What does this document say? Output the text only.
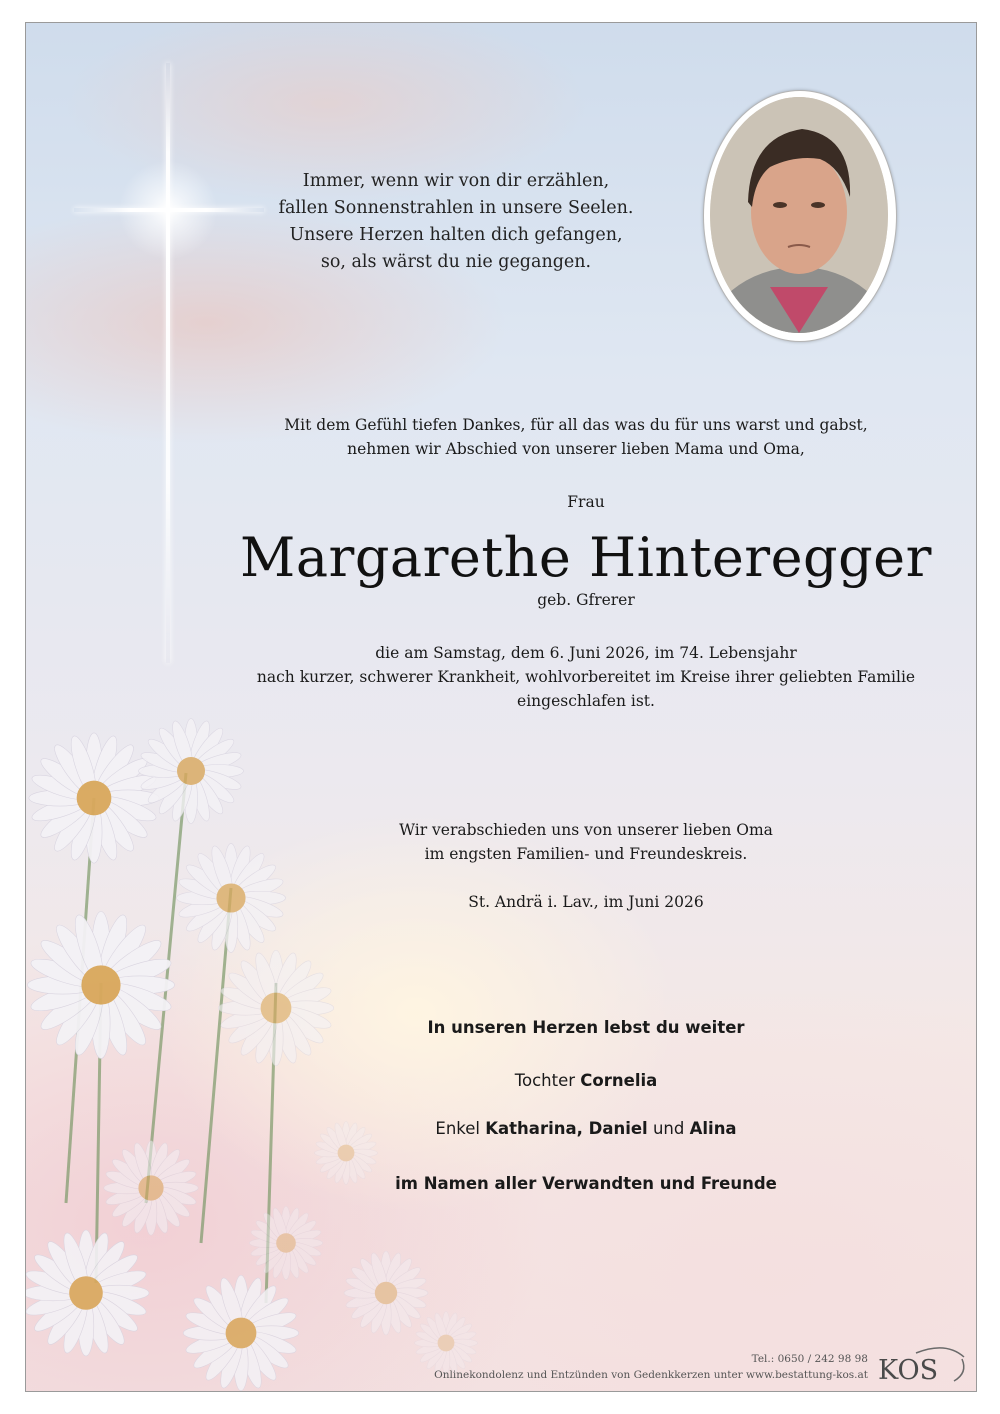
Immer, wenn wir von dir erzählen,
fallen Sonnenstrahlen in unsere Seelen.
Unsere Herzen halten dich gefangen,
so, als wärst du nie gegangen.
Mit dem Gefühl tiefen Dankes, für all das was du für uns warst und gabst,
nehmen wir Abschied von unserer lieben Mama und Oma,
Frau
Margarethe Hinteregger
geb. Gfrerer
die am Samstag, dem 6. Juni 2026, im 74. Lebensjahr
nach kurzer, schwerer Krankheit, wohlvorbereitet im Kreise ihrer geliebten Familie
eingeschlafen ist.
Wir verabschieden uns von unserer lieben Oma
im engsten Familien- und Freundeskreis.
St. Andrä i. Lav., im Juni 2026
In unseren Herzen lebst du weiter
Tochter Cornelia
Enkel Katharina, Daniel und Alina
im Namen aller Verwandten und Freunde
Tel.: 0650 / 242 98 98
Onlinekondolenz und Entzünden von Gedenkkerzen unter www.bestattung-kos.at KOS
